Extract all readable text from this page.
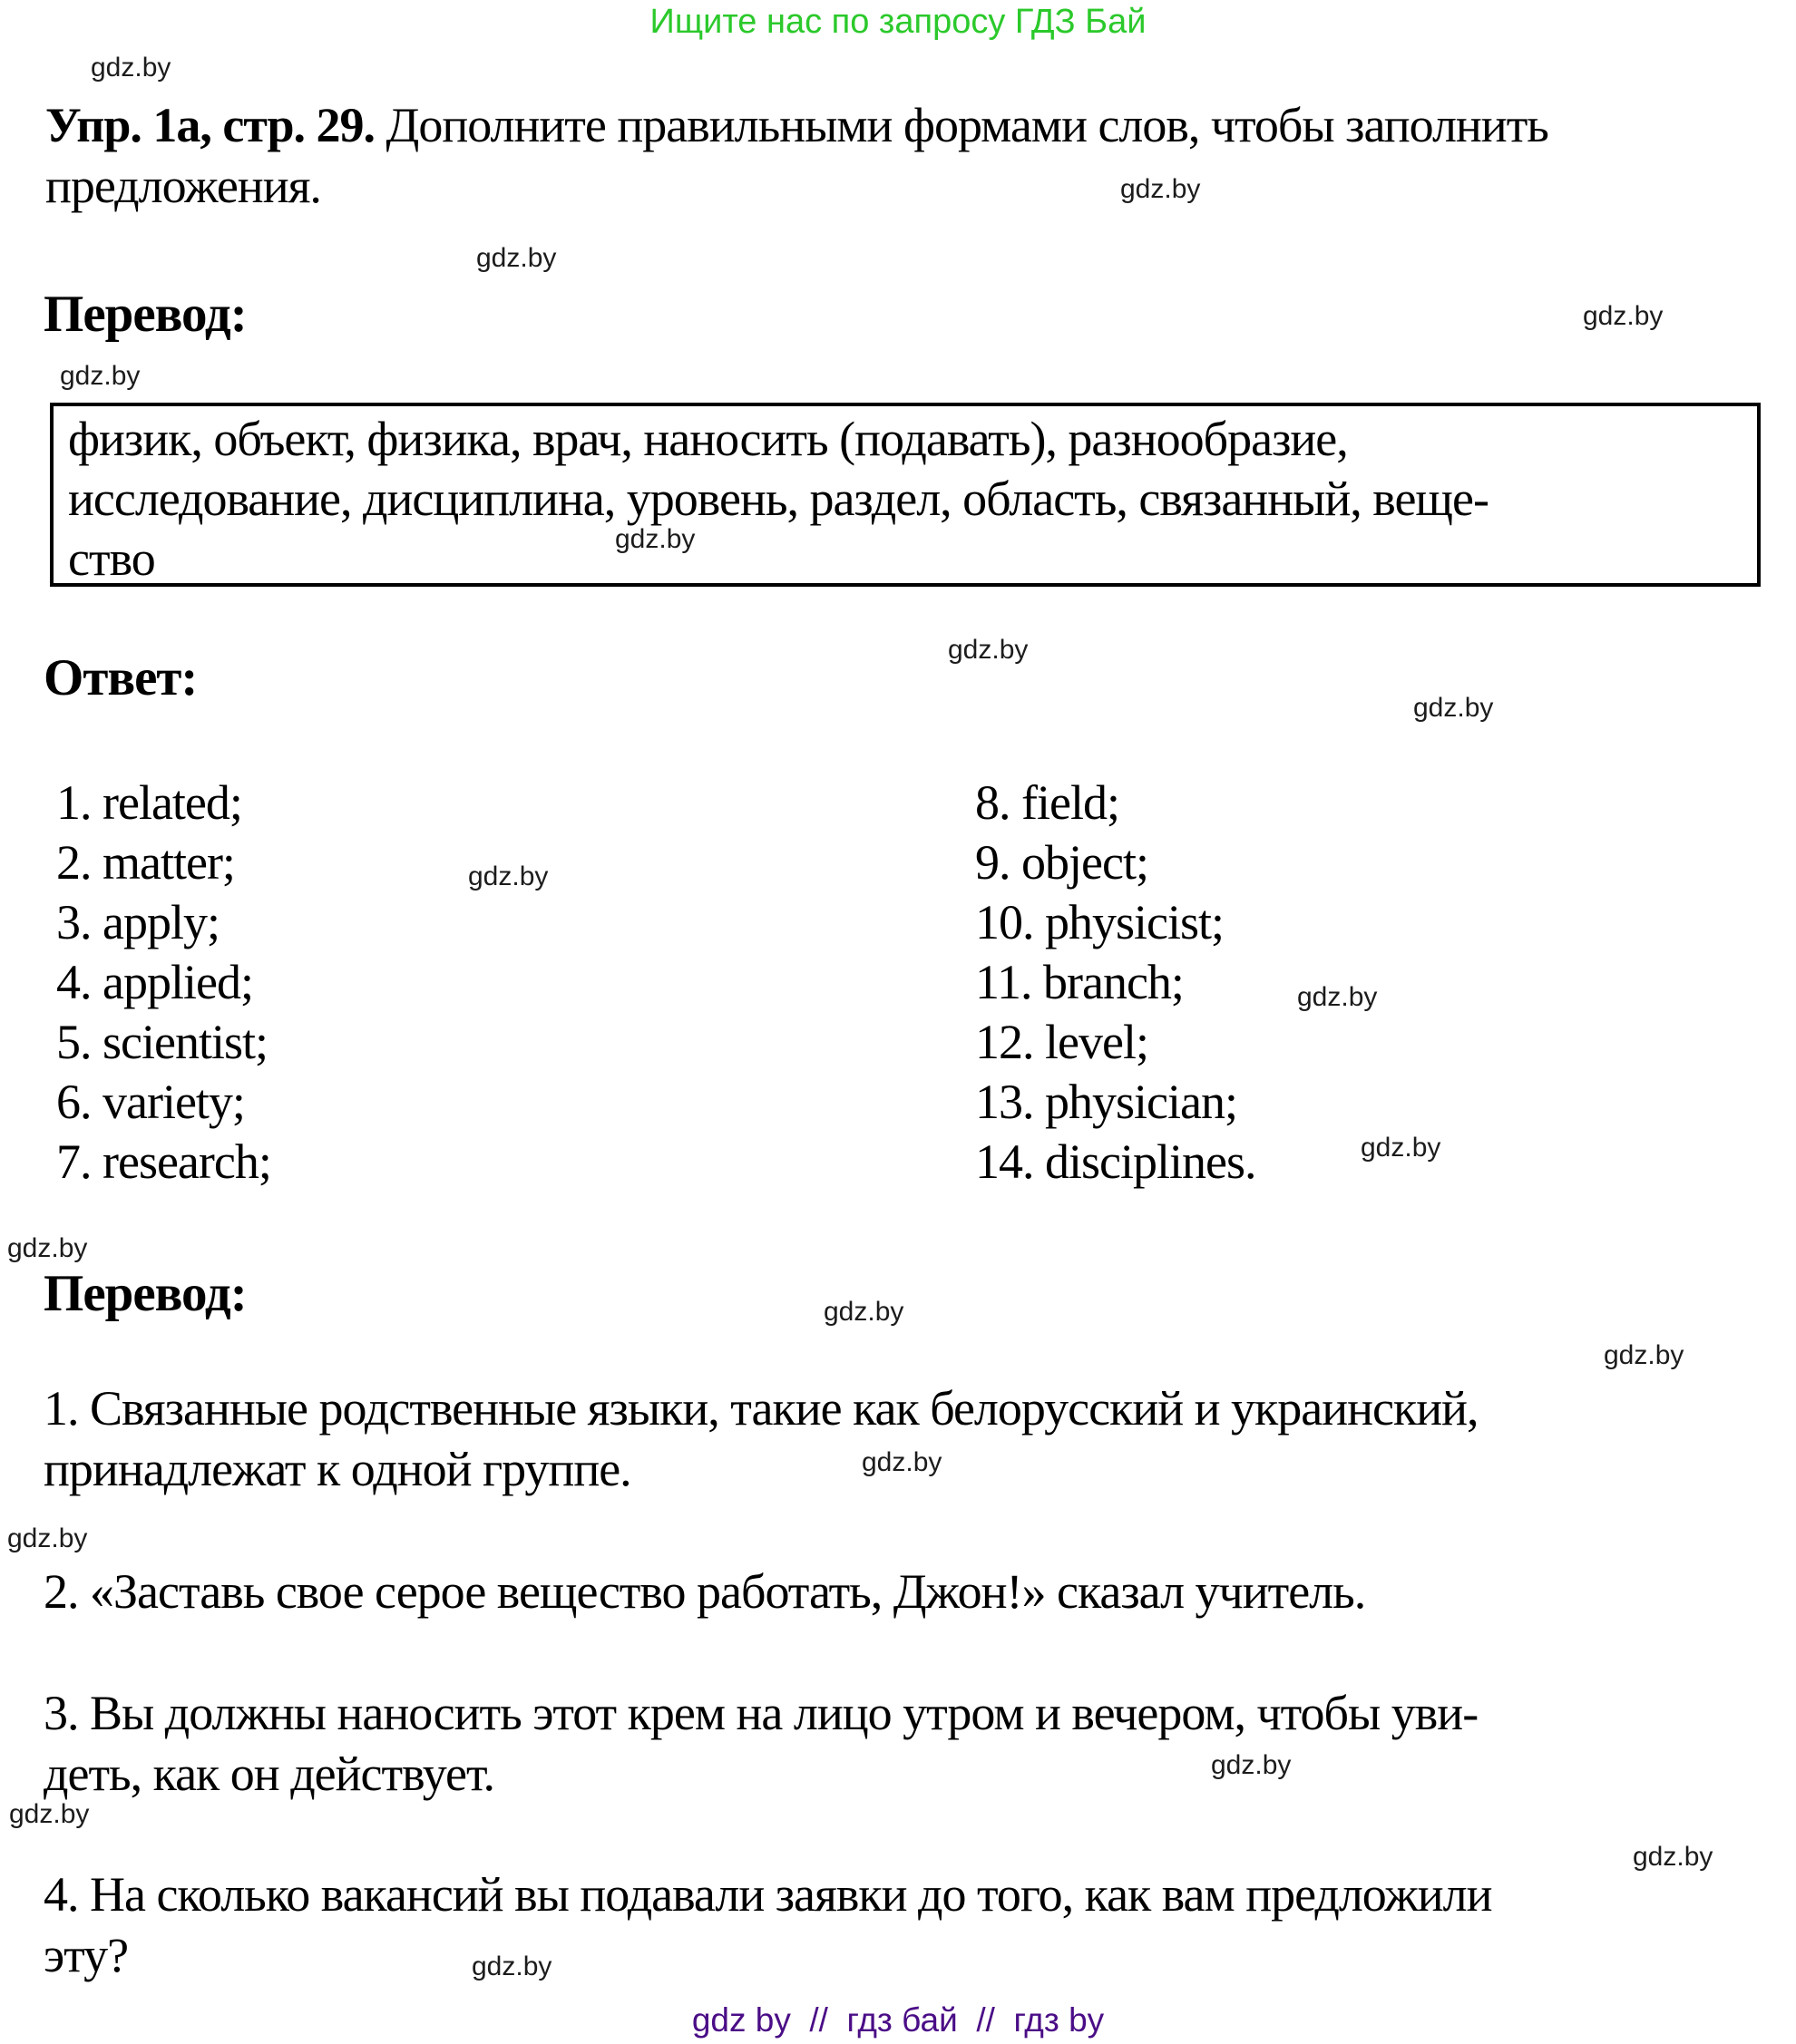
Ищите нас по запросу ГДЗ Бай
gdz.by
gdz.by
gdz.by
gdz.by
gdz.by
gdz.by
gdz.by
gdz.by
gdz.by
gdz.by
gdz.by
gdz.by
gdz.by
gdz.by
gdz.by
gdz.by
gdz.by
gdz.by
gdz.by
gdz.by
Упр. 1а, стр. 29. Дополните правильными формами слов, чтобы заполнить
предложения.
Перевод:
физик, объект, физика, врач, наносить (подавать), разнообразие,
исследование, дисциплина, уровень, раздел, область, связанный, веще-
ство
Ответ:
1. related;
2. matter;
3. apply;
4. applied;
5. scientist;
6. variety;
7. research;
8. field;
9. object;
10. physicist;
11. branch;
12. level;
13. physician;
14. disciplines.
Перевод:
1. Связанные родственные языки, такие как белорусский и украинский,
принадлежат к одной группе.
2. «Заставь свое серое вещество работать, Джон!» сказал учитель.
3. Вы должны наносить этот крем на лицо утром и вечером, чтобы уви-
деть, как он действует.
4. На сколько вакансий вы подавали заявки до того, как вам предложили
эту?
gdz by  //  гдз бай  //  гдз by
